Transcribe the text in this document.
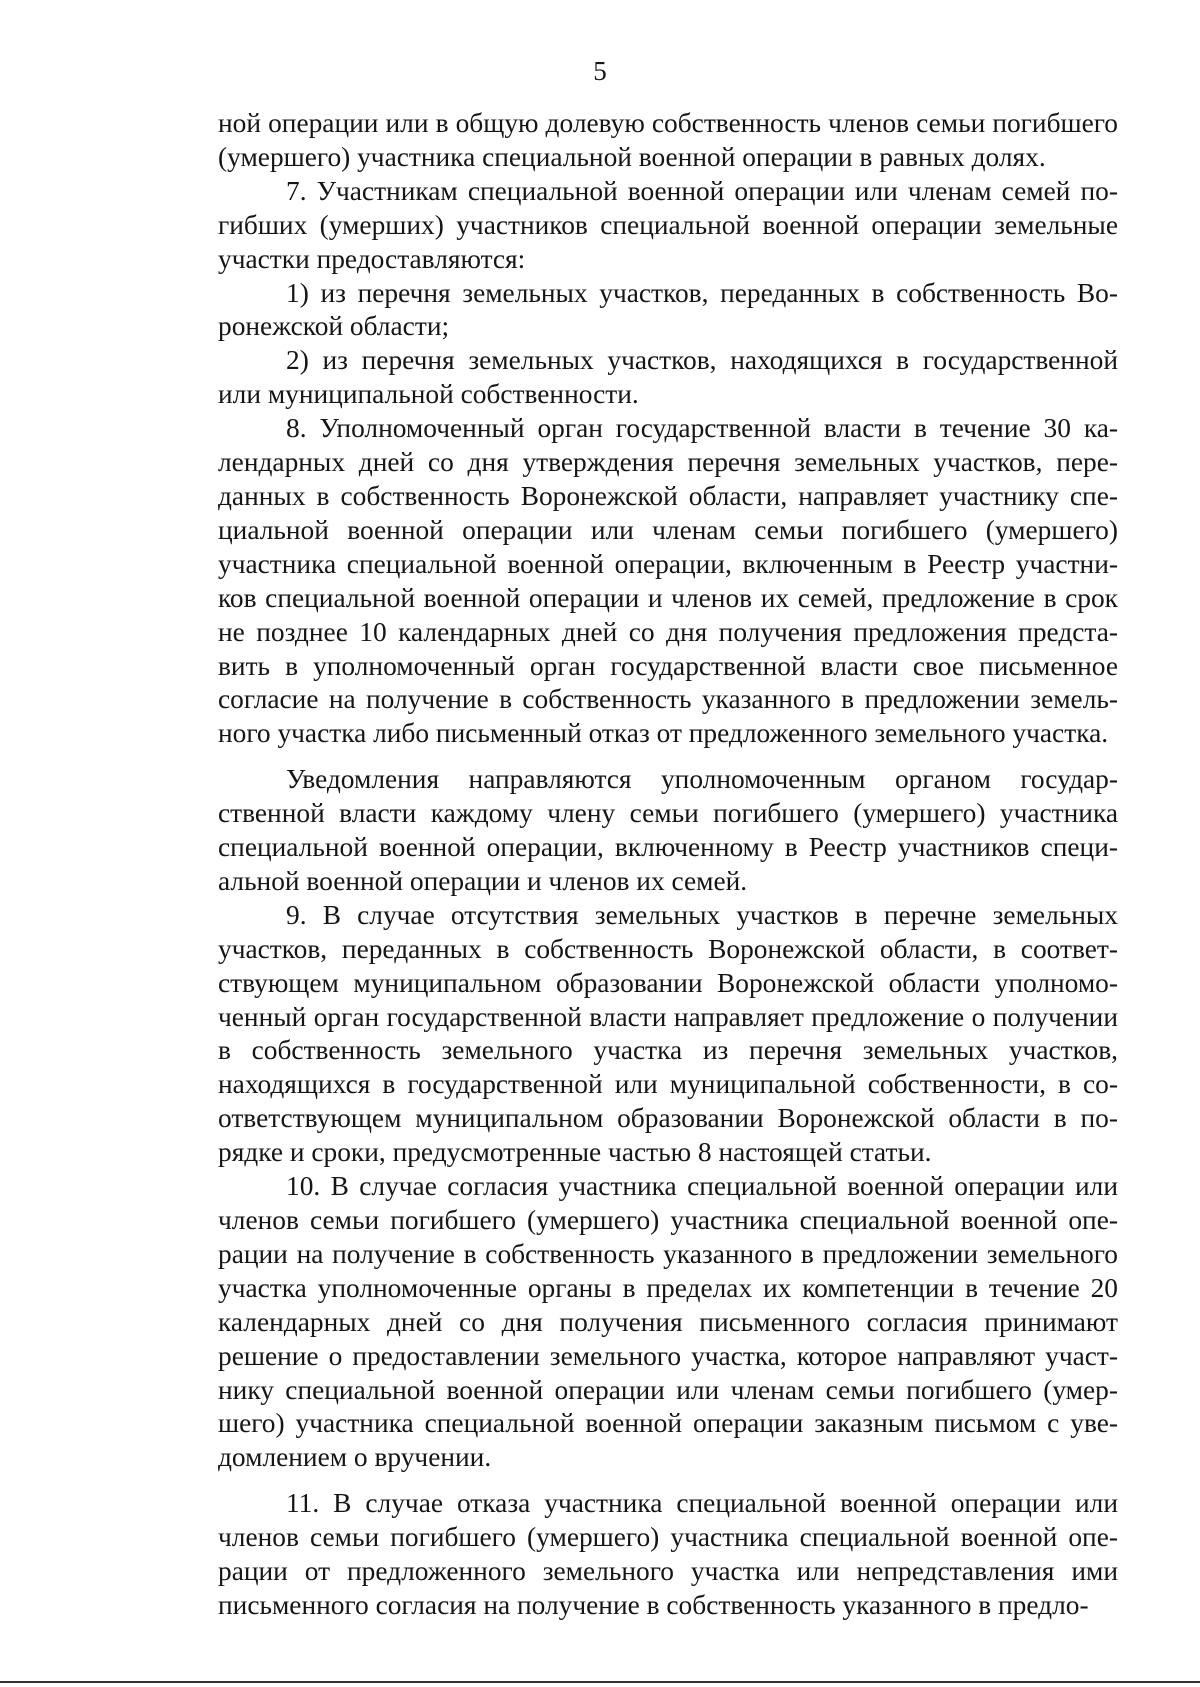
5

ной операции или в общую долевую собственность членов семьи погибшего (умершего) участника специальной военной операции в равных долях.

7. Участникам специальной военной операции или членам семей погибших (умерших) участников специальной военной операции земельные участки предоставляются:

1) из перечня земельных участков, переданных в собственность Воронежской области;

2) из перечня земельных участков, находящихся в государственной или муниципальной собственности.

8. Уполномоченный орган государственной власти в течение 30 календарных дней со дня утверждения перечня земельных участков, переданных в собственность Воронежской области, направляет участнику специальной военной операции или членам семьи погибшего (умершего) участника специальной военной операции, включенным в Реестр участников специальной военной операции и членов их семей, предложение в срок не позднее 10 календарных дней со дня получения предложения представить в уполномоченный орган государственной власти свое письменное согласие на получение в собственность указанного в предложении земельного участка либо письменный отказ от предложенного земельного участка.

Уведомления направляются уполномоченным органом государственной власти каждому члену семьи погибшего (умершего) участника специальной военной операции, включенному в Реестр участников специальной военной операции и членов их семей.

9. В случае отсутствия земельных участков в перечне земельных участков, переданных в собственность Воронежской области, в соответствующем муниципальном образовании Воронежской области уполномоченный орган государственной власти направляет предложение о получении в собственность земельного участка из перечня земельных участков, находящихся в государственной или муниципальной собственности, в соответствующем муниципальном образовании Воронежской области в порядке и сроки, предусмотренные частью 8 настоящей статьи.

10. В случае согласия участника специальной военной операции или членов семьи погибшего (умершего) участника специальной военной операции на получение в собственность указанного в предложении земельного участка уполномоченные органы в пределах их компетенции в течение 20 календарных дней со дня получения письменного согласия принимают решение о предоставлении земельного участка, которое направляют участнику специальной военной операции или членам семьи погибшего (умершего) участника специальной военной операции заказным письмом с уведомлением о вручении.

11. В случае отказа участника специальной военной операции или членов семьи погибшего (умершего) участника специальной военной операции от предложенного земельного участка или непредставления ими письменного согласия на получение в собственность указанного в предло-
